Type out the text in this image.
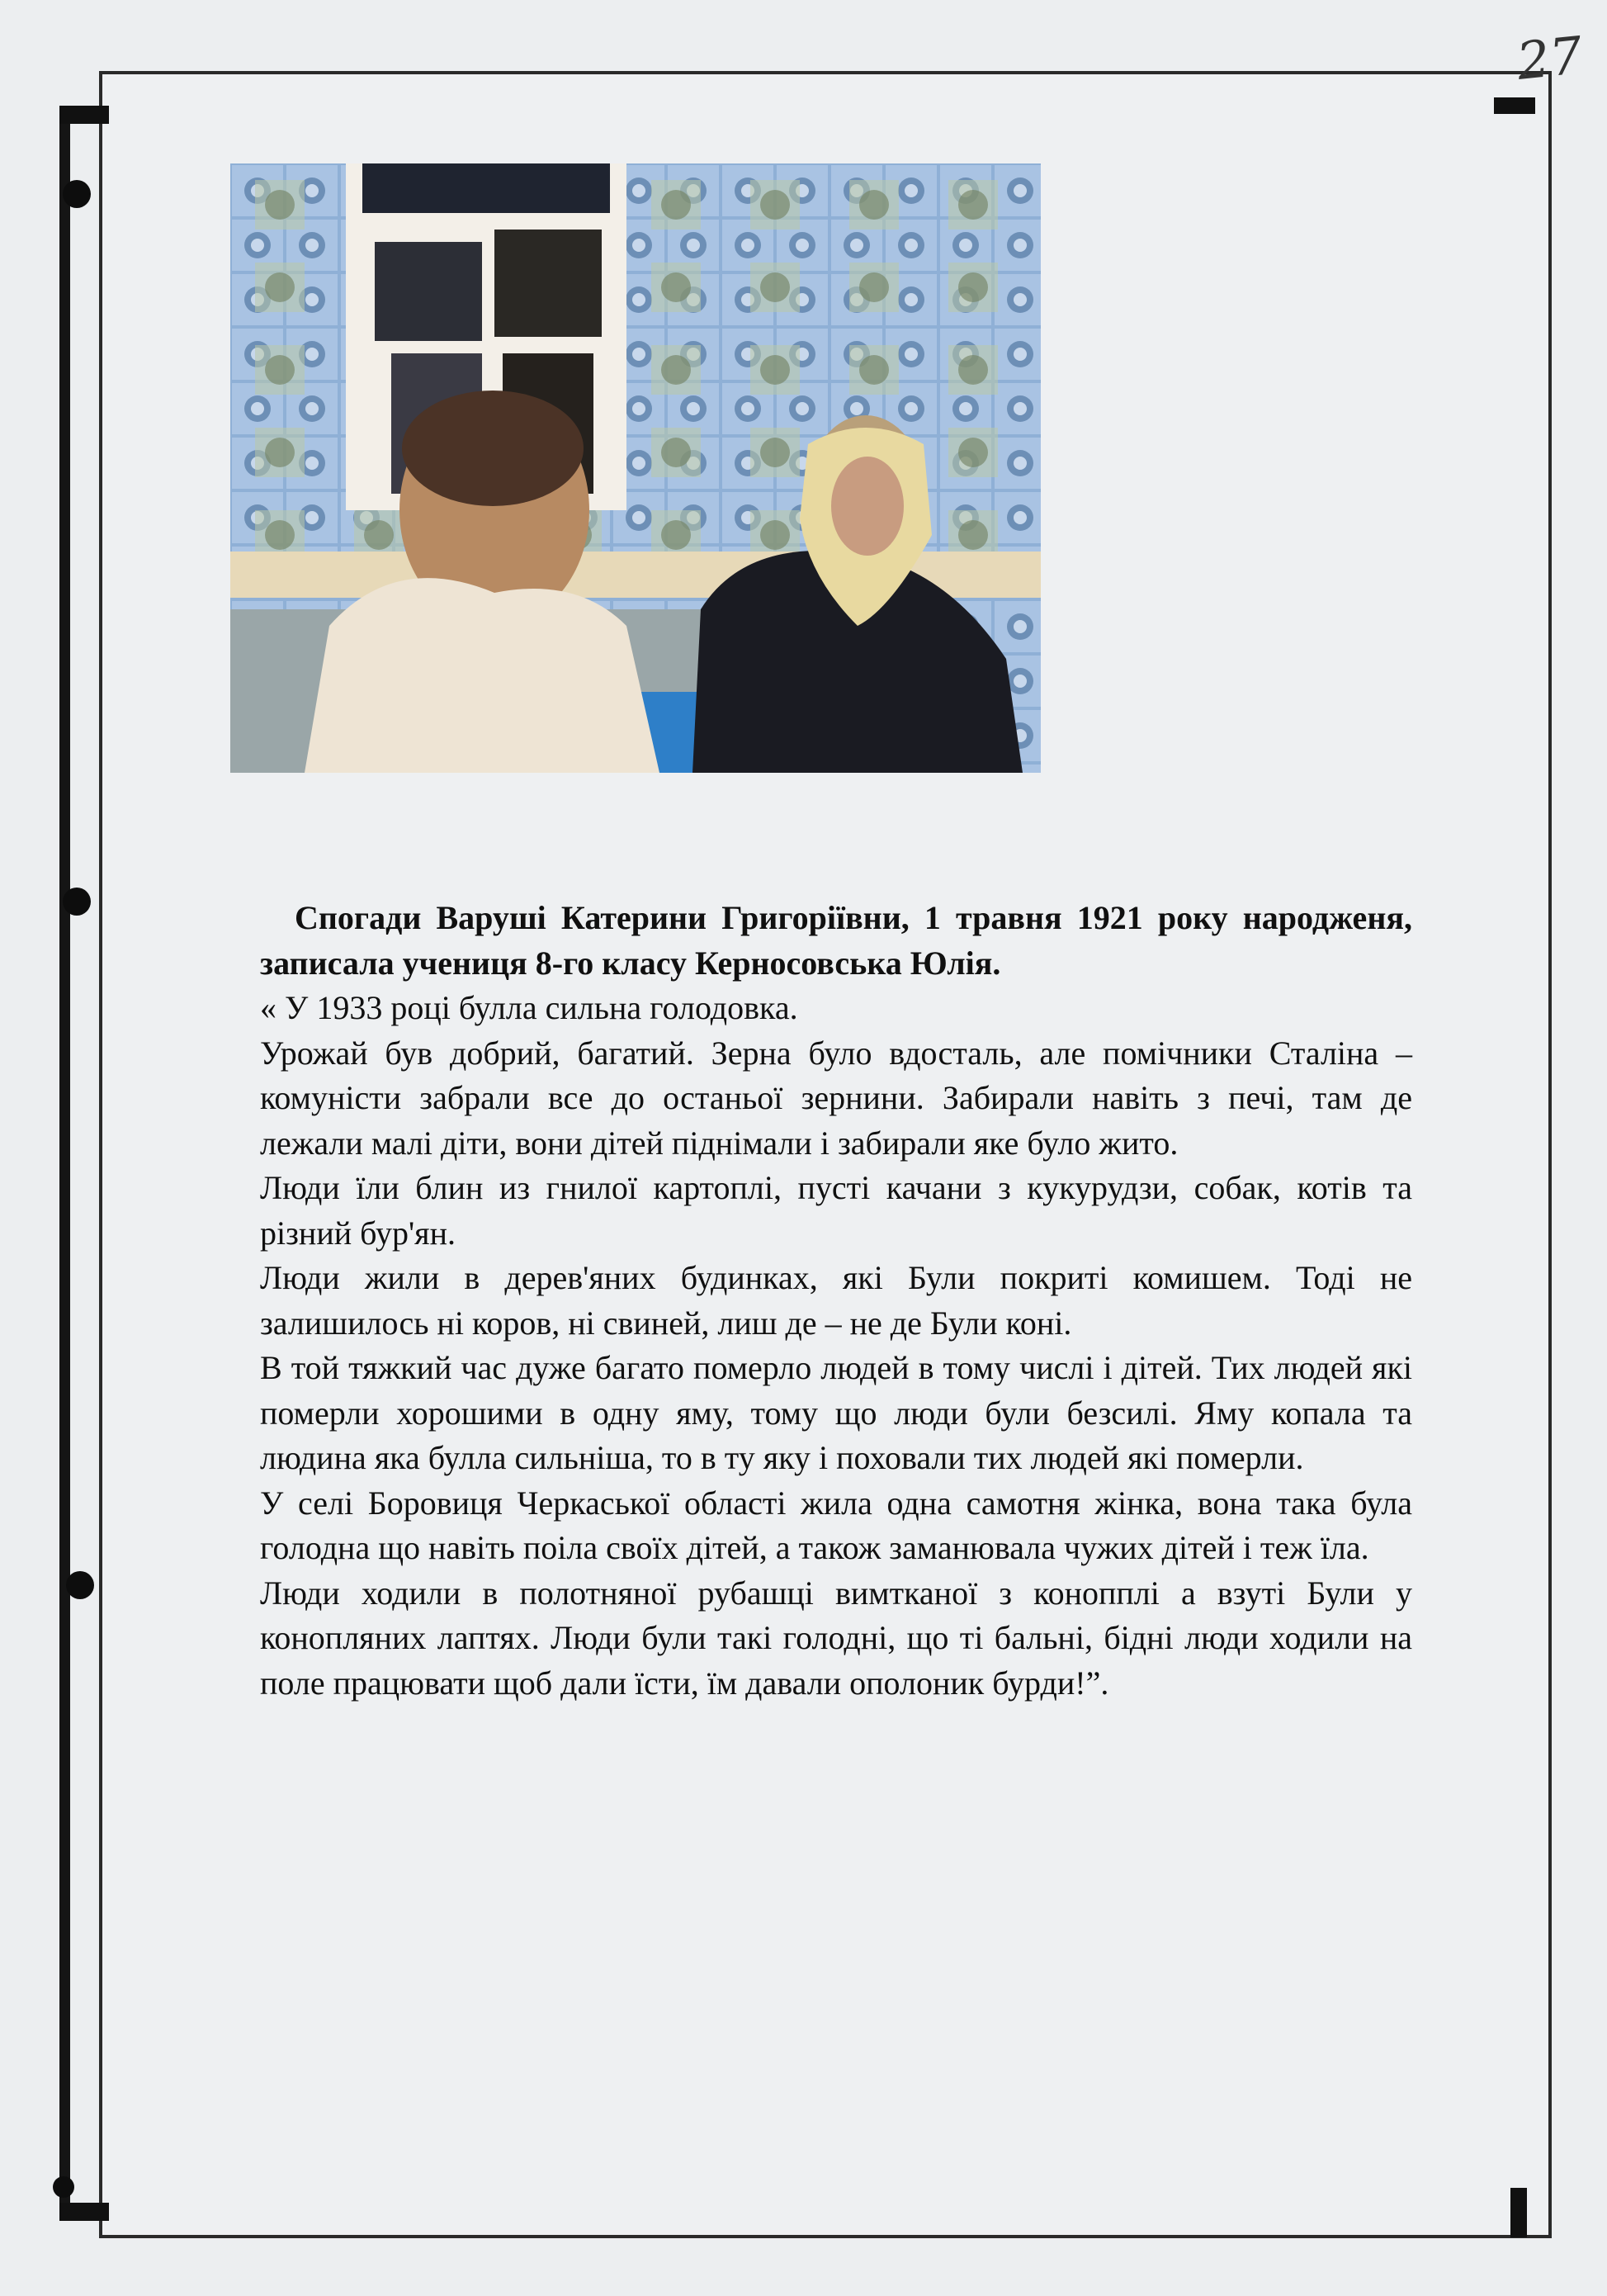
27

Спогади Варуші Катерини Григоріївни, 1 травня 1921 року народженя, записала учениця 8-го класу Керносовська Юлія.

« У 1933 році булла сильна голодовка.

Урожай був добрий, багатий. Зерна було вдосталь, але помічники Сталіна – комуністи забрали все до останьої зернини. Забирали навіть з печі, там де лежали малі діти, вони дітей піднімали і забирали яке було жито.

Люди їли блин из гнилої картоплі, пусті качани з кукурудзи, собак, котів та різний бур'ян.

Люди жили в дерев'яних будинках, які Були покриті комишем. Тоді не залишилось ні коров, ні свиней, лиш де – не де Були коні.

В той тяжкий час дуже багато померло людей в тому числі і дітей. Тих людей які померли хорошими в одну яму, тому що люди були безсилі. Яму копала та людина яка булла сильніша, то в ту яку і поховали тих людей які померли.

У селі Боровиця Черкаської області жила одна самотня жінка, вона така була голодна що навіть поіла своїх дітей, а також заманювала чужих дітей і теж їла.

Люди ходили в полотняної рубашці вимтканої з конопплі а взуті Були у конопляних лаптях. Люди були такі голодні, що ті бальні, бідні люди ходили на поле працювати щоб дали їсти, їм давали ополоник бурди!”.
